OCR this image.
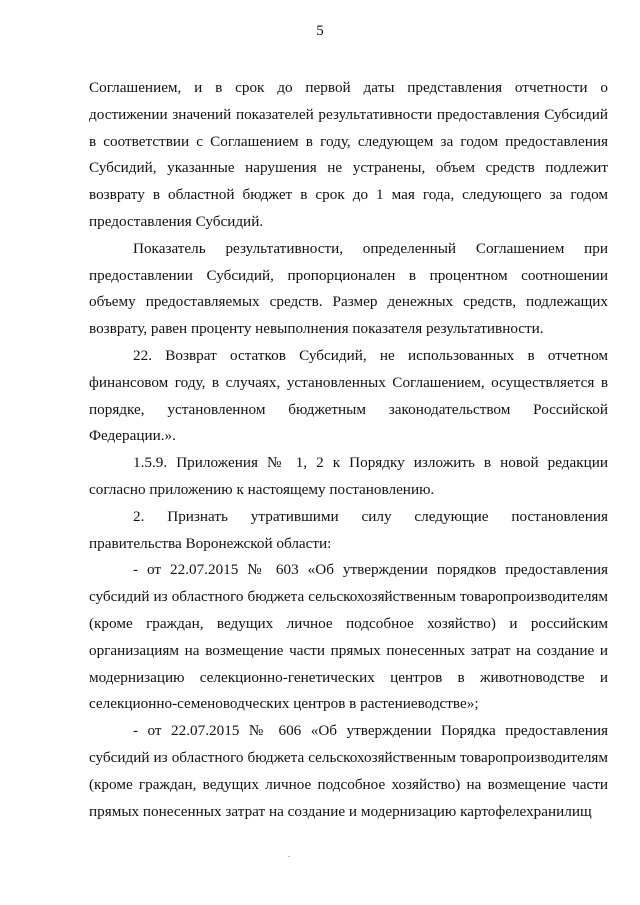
5

Соглашением, и в срок до первой даты представления отчетности о достижении значений показателей результативности предоставления Субсидий в соответствии с Соглашением в году, следующем за годом предоставления Субсидий, указанные нарушения не устранены, объем средств подлежит возврату в областной бюджет в срок до 1 мая года, следующего за годом предоставления Субсидий.

Показатель результативности, определенный Соглашением при предоставлении Субсидий, пропорционален в процентном соотношении объему предоставляемых средств. Размер денежных средств, подлежащих возврату, равен проценту невыполнения показателя результативности.

22. Возврат остатков Субсидий, не использованных в отчетном финансовом году, в случаях, установленных Соглашением, осуществляется в порядке, установленном бюджетным законодательством Российской Федерации.».

1.5.9. Приложения № 1, 2 к Порядку изложить в новой редакции согласно приложению к настоящему постановлению.

2. Признать утратившими силу следующие постановления правительства Воронежской области:

- от 22.07.2015 № 603 «Об утверждении порядков предоставления субсидий из областного бюджета сельскохозяйственным товаропроизводителям (кроме граждан, ведущих личное подсобное хозяйство) и российским организациям на возмещение части прямых понесенных затрат на создание и модернизацию селекционно-генетических центров в животноводстве и селекционно-семеноводческих центров в растениеводстве»;

- от 22.07.2015 № 606 «Об утверждении Порядка предоставления субсидий из областного бюджета сельскохозяйственным товаропроизводителям (кроме граждан, ведущих личное подсобное хозяйство) на возмещение части прямых понесенных затрат на создание и модернизацию картофелехранилищ
